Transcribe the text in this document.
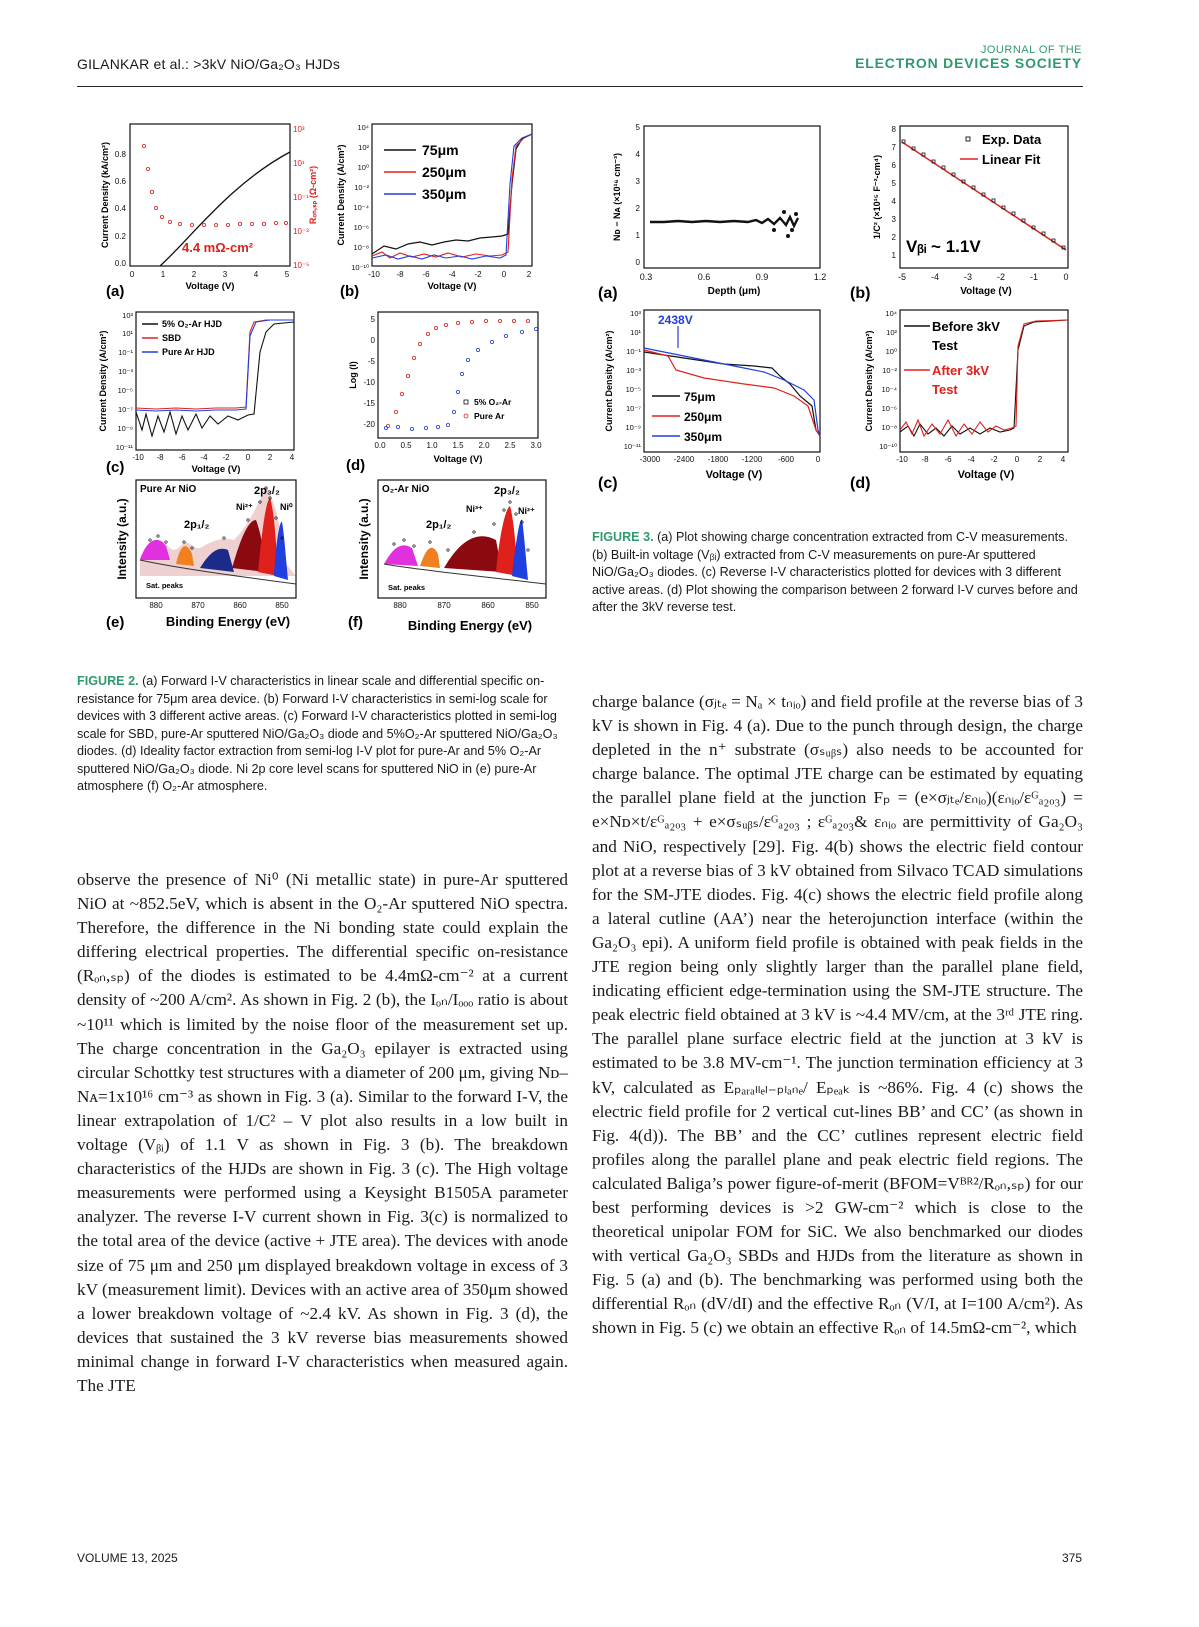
GILANKAR et al.: >3kV NiO/Ga₂O₃ HJDs
JOURNAL OF THE
ELECTRON DEVICES SOCIETY
4.4 mΩ-cm²
0.0
0.2
0.4
0.6
0.8
10³
10¹
10⁻¹
10⁻³
10⁻⁵
0	1	2	3	4	5
Voltage (V)
Current Density (kA/cm²)	Rₒₙ,ₛₚ (Ω-cm²)
(a)
75μm
250μm
350μm
10⁴
10²
10⁰
10⁻²
10⁻⁴
10⁻⁶
10⁻⁸
10⁻¹⁰
-10 -8 -6 -4 -2	0	2
Voltage (V)
Current Density (A/cm²)
(b)
5% O₂-Ar HJD
SBD
Pure Ar HJD
10³
10¹
10⁻¹
10⁻³
10⁻⁵
10⁻⁷
10⁻⁹
10⁻¹¹
-10 -8 -6 -4 -2 0 2 4
Voltage (V)
Current Density (A/cm²)
(c)
5% O₂-Ar
Pure Ar
5
0
-5
-10
-15
-20
0.0 0.5 1.0 1.5 2.0 2.5 3.0
Voltage (V)
Log (I)
(d)
Pure Ar NiO	2p₃/₂
2p₁/₂
Ni²⁺	Ni⁰
Sat. peaks
880	870	860	850
Binding Energy (eV)
Intensity (a.u.)
(e)
O₂-Ar NiO	2p₃/₂
2p₁/₂
Ni³⁺	Ni²⁺
Sat. peaks
880	870	860	850
Binding Energy (eV)
Intensity (a.u.)
(f)
FIGURE 2. (a) Forward I-V characteristics in linear scale and differential specific on-resistance for 75μm area device. (b) Forward I-V characteristics in semi-log scale for devices with 3 different active areas. (c) Forward I-V characteristics plotted in semi-log scale for SBD, pure-Ar sputtered NiO/Ga₂O₃ diode and 5%O₂-Ar sputtered NiO/Ga₂O₃ diodes. (d) Ideality factor extraction from semi-log I-V plot for pure-Ar and 5% O₂-Ar sputtered NiO/Ga₂O₃ diode. Ni 2p core level scans for sputtered NiO in (e) pure-Ar atmosphere (f) O₂-Ar atmosphere.
5
4
3
2
1
0
0.3	0.6	0.9	1.2
Depth (μm)
Nᴅ − Nᴀ (×10¹⁶ cm⁻³)
(a)
Exp. Data
Linear Fit
Vᵦᵢ ~ 1.1V
8
7
6
5
4
3
2
1
-5	-4	-3	-2	-1	0
Voltage (V)
1/C² (×10¹⁵ F⁻²-cm⁴)
(b)
2438V
75μm
250μm
350μm
10³
10¹
10⁻¹
10⁻³
10⁻⁵
10⁻⁷
10⁻⁹
10⁻¹¹
-3000 -2400 -1800 -1200 -600	0
Voltage (V)
Current Density (A/cm²)
(c)
Before 3kV
Test
After 3kV
Test
10⁴
10²
10⁰
10⁻²
10⁻⁴
10⁻⁶
10⁻⁸
10⁻¹⁰
-10 -8 -6 -4 -2 0 2 4
Voltage (V)
Current Density (A/cm²)
(d)
FIGURE 3. (a) Plot showing charge concentration extracted from C-V measurements. (b) Built-in voltage (Vᵦᵢ) extracted from C-V measurements on pure-Ar sputtered NiO/Ga₂O₃ diodes. (c) Reverse I-V characteristics plotted for devices with 3 different active areas. (d) Plot showing the comparison between 2 forward I-V curves before and after the 3kV reverse test.

observe the presence of Ni⁰ (Ni metallic state) in pure-Ar sputtered NiO at ~852.5eV, which is absent in the O₂-Ar sputtered NiO spectra. Therefore, the difference in the Ni bonding state could explain the differing electrical properties. The differential specific on-resistance (Rₒₙ,ₛₚ) of the diodes is estimated to be 4.4mΩ-cm⁻² at a current density of ~200 A/cm². As shown in Fig. 2 (b), the Iₒₙ/Iₒₒₒ ratio is about ~10¹¹ which is limited by the noise floor of the measurement set up. The charge concentration in the Ga₂O₃ epilayer is extracted using circular Schottky test structures with a diameter of 200 μm, giving Nᴅ–Nᴀ=1x10¹⁶ cm⁻³ as shown in Fig. 3 (a). Similar to the forward I-V, the linear extrapolation of 1/C² – V plot also results in a low built in voltage (Vᵦᵢ) of 1.1 V as shown in Fig. 3 (b). The breakdown characteristics of the HJDs are shown in Fig. 3 (c). The High voltage measurements were performed using a Keysight B1505A parameter analyzer. The reverse I-V current shown in Fig. 3(c) is normalized to the total area of the device (active + JTE area). The devices with anode size of 75 μm and 250 μm displayed breakdown voltage in excess of 3 kV (measurement limit). Devices with an active area of 350μm showed a lower breakdown voltage of ~2.4 kV. As shown in Fig. 3 (d), the devices that sustained the 3 kV reverse bias measurements showed minimal change in forward I-V characteristics when measured again. The JTE

charge balance (σⱼₜₑ = Nₐ × tₙᵢₒ) and field profile at the reverse bias of 3 kV is shown in Fig. 4 (a). Due to the punch through design, the charge depleted in the n⁺ substrate (σₛᵤᵦₛ) also needs to be accounted for charge balance. The optimal JTE charge can be estimated by equating the parallel plane field at the junction Fₚ = (e×σⱼₜₑ/εₙᵢₒ)(εₙᵢₒ/εᴳₐ₂ₒ₃) = e×Nᴅ×t/εᴳₐ₂ₒ₃ + e×σₛᵤᵦₛ/εᴳₐ₂ₒ₃ ; εᴳₐ₂ₒ₃& εₙᵢₒ are permittivity of Ga₂O₃ and NiO, respectively [29]. Fig. 4(b) shows the electric field contour plot at a reverse bias of 3 kV obtained from Silvaco TCAD simulations for the SM-JTE diodes. Fig. 4(c) shows the electric field profile along a lateral cutline (AA’) near the heterojunction interface (within the Ga₂O₃ epi). A uniform field profile is obtained with peak fields in the JTE region being only slightly larger than the parallel plane field, indicating efficient edge-termination using the SM-JTE structure. The peak electric field obtained at 3 kV is ~4.4 MV/cm, at the 3ʳᵈ JTE ring. The parallel plane surface electric field at the junction at 3 kV is estimated to be 3.8 MV-cm⁻¹. The junction termination efficiency at 3 kV, calculated as Eₚₐᵣₐₗₗₑₗ₋ₚₗₐₙₑ/ Eₚₑₐₖ is ~86%. Fig. 4 (c) shows the electric field profile for 2 vertical cut-lines BB’ and CC’ (as shown in Fig. 4(d)). The BB’ and the CC’ cutlines represent electric field profiles along the parallel plane and peak electric field regions. The calculated Baliga’s power figure-of-merit (BFOM=Vᴮᴿ²/Rₒₙ,ₛₚ) for our best performing devices is >2 GW-cm⁻² which is close to the theoretical unipolar FOM for SiC. We also benchmarked our diodes with vertical Ga₂O₃ SBDs and HJDs from the literature as shown in Fig. 5 (a) and (b). The benchmarking was performed using both the differential Rₒₙ (dV/dI) and the effective Rₒₙ (V/I, at I=100 A/cm²). As shown in Fig. 5 (c) we obtain an effective Rₒₙ of 14.5mΩ-cm⁻², which

VOLUME 13, 2025	375
